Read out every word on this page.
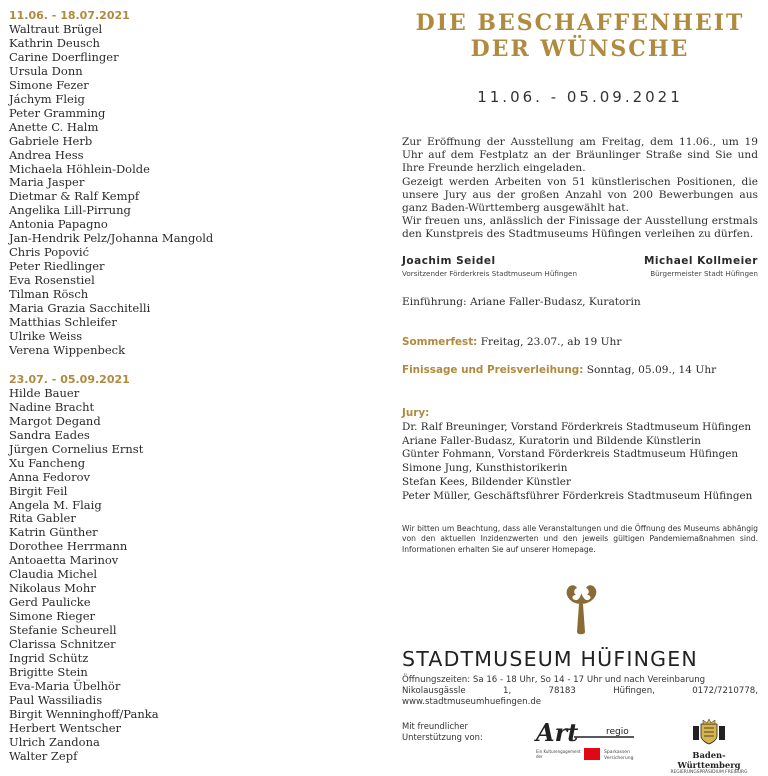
11.06. - 18.07.2021
Waltraut Brügel
Kathrin Deusch
Carine Doerflinger
Ursula Donn
Simone Fezer
Jáchym Fleig
Peter Gramming
Anette C. Halm
Gabriele Herb
Andrea Hess
Michaela Höhlein-Dolde
Maria Jasper
Dietmar & Ralf Kempf
Angelika Lill-Pirrung
Antonia Papagno
Jan-Hendrik Pelz/Johanna Mangold
Chris Popović
Peter Riedlinger
Eva Rosenstiel
Tilman Rösch
Maria Grazia Sacchitelli
Matthias Schleifer
Ulrike Weiss
Verena Wippenbeck
23.07. - 05.09.2021
Hilde Bauer
Nadine Bracht
Margot Degand
Sandra Eades
Jürgen Cornelius Ernst
Xu Fancheng
Anna Fedorov
Birgit Feil
Angela M. Flaig
Rita Gabler
Katrin Günther
Dorothee Herrmann
Antoaetta Marinov
Claudia Michel
Nikolaus Mohr
Gerd Paulicke
Simone Rieger
Stefanie Scheurell
Clarissa Schnitzer
Ingrid Schütz
Brigitte Stein
Eva-Maria Übelhör
Paul Wassiliadis
Birgit Wenninghoff/Panka
Herbert Wentscher
Ulrich Zandona
Walter Zepf
DIE BESCHAFFENHEIT
DER WÜNSCHE
11.06. - 05.09.2021

Zur Eröffnung der Ausstellung am Freitag, dem 11.06., um 19 Uhr auf dem Festplatz an der Bräunlinger Straße sind Sie und Ihre Freunde herzlich eingeladen.

Gezeigt werden Arbeiten von 51 künstlerischen Positionen, die unsere Jury aus der großen Anzahl von 200 Bewerbungen aus ganz Baden-Württemberg ausgewählt hat.

Wir freuen uns, anlässlich der Finissage der Ausstellung erstmals den Kunstpreis des Stadtmuseums Hüfingen verleihen zu dürfen.

Joachim Seidel
Vorsitzender Förderkreis Stadtmuseum Hüfingen
Michael Kollmeier
Bürgermeister Stadt Hüfingen
Einführung: Ariane Faller-Budasz, Kuratorin
Sommerfest: Freitag, 23.07., ab 19 Uhr
Finissage und Preisverleihung: Sonntag, 05.09., 14 Uhr
Jury:
Dr. Ralf Breuninger, Vorstand Förderkreis Stadtmuseum Hüfingen
Ariane Faller-Budasz, Kuratorin und Bildende Künstlerin
Günter Fohmann, Vorstand Förderkreis Stadtmuseum Hüfingen
Simone Jung, Kunsthistorikerin
Stefan Kees, Bildender Künstler
Peter Müller, Geschäftsführer Förderkreis Stadtmuseum Hüfingen
Wir bitten um Beachtung, dass alle Veranstaltungen und die Öffnung des Museums abhängig von den aktuellen Inzidenzwerten und den jeweils gültigen Pandemiemaßnahmen sind. Informationen erhalten Sie auf unserer Homepage.
STADTMUSEUM HÜFINGEN
Öffnungszeiten: Sa 16 - 18 Uhr, So 14 - 17 Uhr und nach Vereinbarung
Nikolausgässle 1, 78183 Hüfingen, 0172/7210778, www.stadtmuseumhuefingen.de
Mit freundlicher
Unterstützung von: Art	regio
Ein Kulturengagement
der
Sparkassen
Versicherung	Baden-Württemberg
REGIERUNGSPRÄSIDIUM FREIBURG
